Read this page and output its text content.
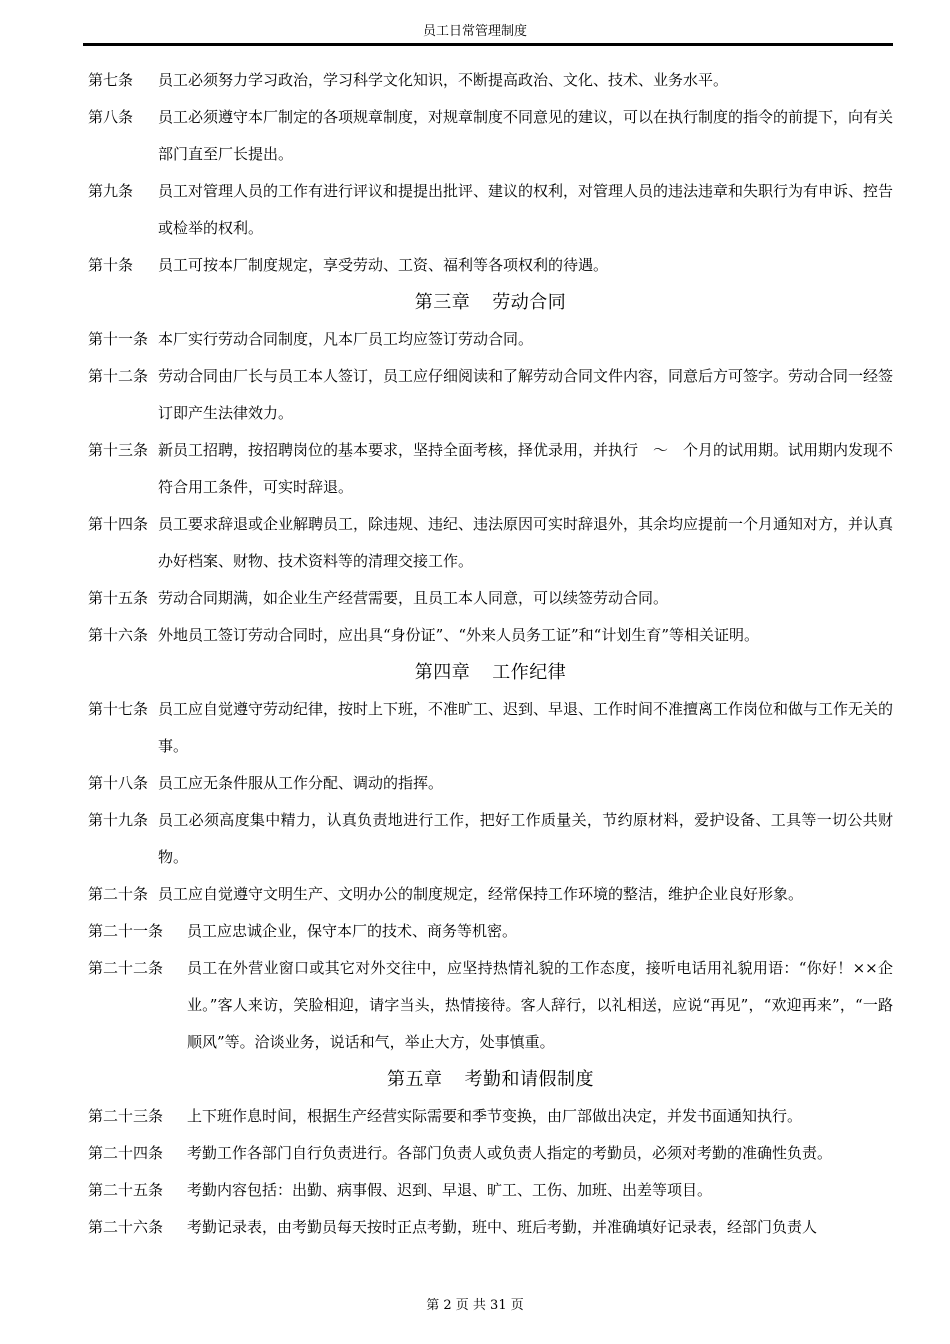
员工日常管理制度
第七条	员工必须努力学习政治，学习科学文化知识，不断提高政治、文化、技术、业务水平。
第八条	员工必须遵守本厂制定的各项规章制度，对规章制度不同意见的建议，可以在执行制度的指令的前提下，向有关部门直至厂长提出。
第九条	员工对管理人员的工作有进行评议和提提出批评、建议的权利，对管理人员的违法违章和失职行为有申诉、控告或检举的权利。
第十条	员工可按本厂制度规定，享受劳动、工资、福利等各项权利的待遇。
第三章 劳动合同
第十一条 本厂实行劳动合同制度，凡本厂员工均应签订劳动合同。
第十二条 劳动合同由厂长与员工本人签订，员工应仔细阅读和了解劳动合同文件内容，同意后方可签字。劳动合同一经签订即产生法律效力。
第十三条 新员工招聘，按招聘岗位的基本要求，坚持全面考核，择优录用，并执行　～　个月的试用期。试用期内发现不符合用工条件，可实时辞退。
第十四条 员工要求辞退或企业解聘员工，除违规、违纪、违法原因可实时辞退外，其余均应提前一个月通知对方，并认真办好档案、财物、技术资料等的清理交接工作。
第十五条 劳动合同期满，如企业生产经营需要，且员工本人同意，可以续签劳动合同。
第十六条 外地员工签订劳动合同时，应出具“身份证”、“外来人员务工证”和“计划生育”等相关证明。
第四章 工作纪律
第十七条 员工应自觉遵守劳动纪律，按时上下班，不准旷工、迟到、早退、工作时间不准擅离工作岗位和做与工作无关的事。
第十八条 员工应无条件服从工作分配、调动的指挥。
第十九条 员工必须高度集中精力，认真负责地进行工作，把好工作质量关，节约原材料，爱护设备、工具等一切公共财物。
第二十条 员工应自觉遵守文明生产、文明办公的制度规定，经常保持工作环境的整洁，维护企业良好形象。
第二十一条	员工应忠诚企业，保守本厂的技术、商务等机密。
第二十二条	员工在外营业窗口或其它对外交往中，应坚持热情礼貌的工作态度，接听电话用礼貌用语：“你好！××企业。”客人来访，笑脸相迎，请字当头，热情接待。客人辞行，以礼相送，应说“再见”，“欢迎再来”，“一路顺风”等。洽谈业务，说话和气，举止大方，处事慎重。
第五章 考勤和请假制度
第二十三条	上下班作息时间，根据生产经营实际需要和季节变换，由厂部做出决定，并发书面通知执行。
第二十四条	考勤工作各部门自行负责进行。各部门负责人或负责人指定的考勤员，必须对考勤的准确性负责。
第二十五条	考勤内容包括：出勤、病事假、迟到、早退、旷工、工伤、加班、出差等项目。
第二十六条	考勤记录表，由考勤员每天按时正点考勤，班中、班后考勤，并准确填好记录表，经部门负责人
第 2 页 共 31 页
